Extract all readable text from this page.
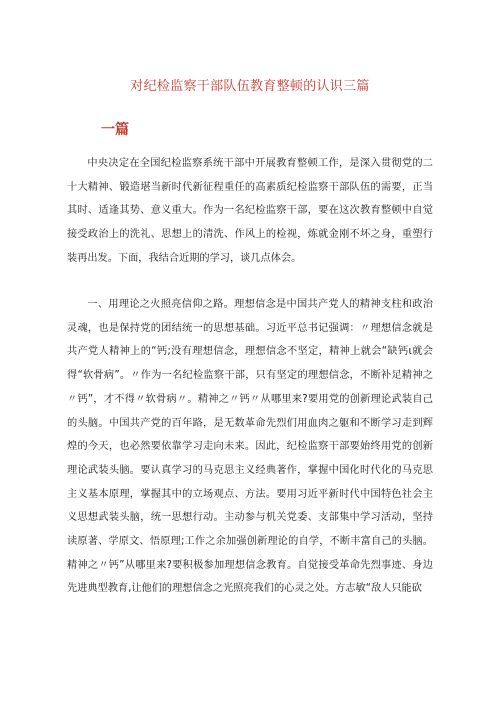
对纪检监察干部队伍教育整顿的认识三篇
一篇

中央决定在全国纪检监察系统干部中开展教育整顿工作，是深入贯彻党的二十大精神、锻造堪当新时代新征程重任的高素质纪检监察干部队伍的需要，正当其时、适逢其势、意义重大。作为一名纪检监察干部，要在这次教育整顿中自觉接受政治上的洗礼、思想上的清洗、作风上的检视，炼就金刚不坏之身，重塑行装再出发。下面，我结合近期的学习，谈几点体会。

一、用理论之火照亮信仰之路。理想信念是中国共产党人的精神支柱和政治灵魂，也是保持党的团结统一的思想基础。习近平总书记强调：〃理想信念就是共产党人精神上的“钙;没有理想信念，理想信念不坚定，精神上就会“缺钙ι就会得“软骨病”。〃作为一名纪检监察干部，只有坚定的理想信念，不断补足精神之〃钙”，才不得〃软骨病〃。精神之〃钙〃从哪里来?要用党的创新理论武装自己的头脑。中国共产党的百年路，是无数革命先烈们用血肉之躯和不断学习走到辉煌的今天，也必然要依靠学习走向未来。因此，纪检监察干部要始终用党的创新理论武装头脑。要认真学习的马克思主义经典著作，掌握中国化时代化的马克思主义基本原理，掌握其中的立场观点、方法。要用习近平新时代中国特色社会主义思想武装头脑，统一思想行动。主动参与机关党委、支部集中学习活动，坚持读原著、学原文、悟原理;工作之余加强创新理论的自学，不断丰富自己的头脑。精神之〃钙”从哪里来?要积极参加理想信念教育。自觉接受革命先烈事迹、身边先进典型教育,让他们的理想信念之光照亮我们的心灵之处。方志敏“敌人只能砍
